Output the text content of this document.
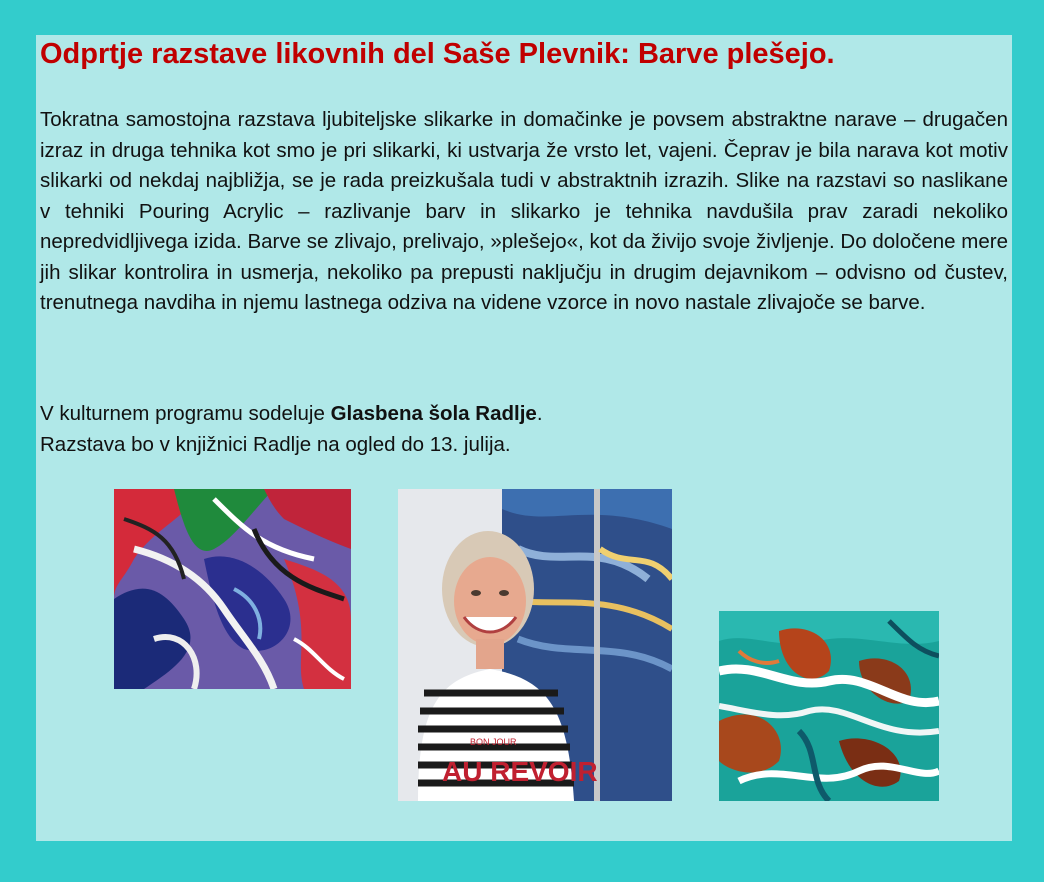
Odprtje razstave likovnih del Saše Plevnik: Barve plešejo.

Tokratna samostojna razstava ljubiteljske slikarke in domačinke je povsem abstraktne narave – drugačen izraz in druga tehnika kot smo je pri slikarki, ki ustvarja že vrsto let, vajeni. Čeprav je bila narava kot motiv slikarki od nekdaj najbližja, se je rada preizkušala tudi v abstraktnih izrazih. Slike na razstavi so naslikane v tehniki Pouring Acrylic – razlivanje barv in slikarko je tehnika navdušila prav zaradi nekoliko nepredvidljivega izida. Barve se zlivajo, prelivajo, »plešejo«, kot da živijo svoje življenje. Do določene mere jih slikar kontrolira in usmerja, nekoliko pa prepusti naključju in drugim dejavnikom – odvisno od čustev, trenutnega navdiha in njemu lastnega odziva na videne vzorce in novo nastale zlivajoče se barve.

V kulturnem programu sodeluje Glasbena šola Radlje.
Razstava bo v knjižnici Radlje na ogled do 13. julija.

BON JOUR
AU REVOIR
